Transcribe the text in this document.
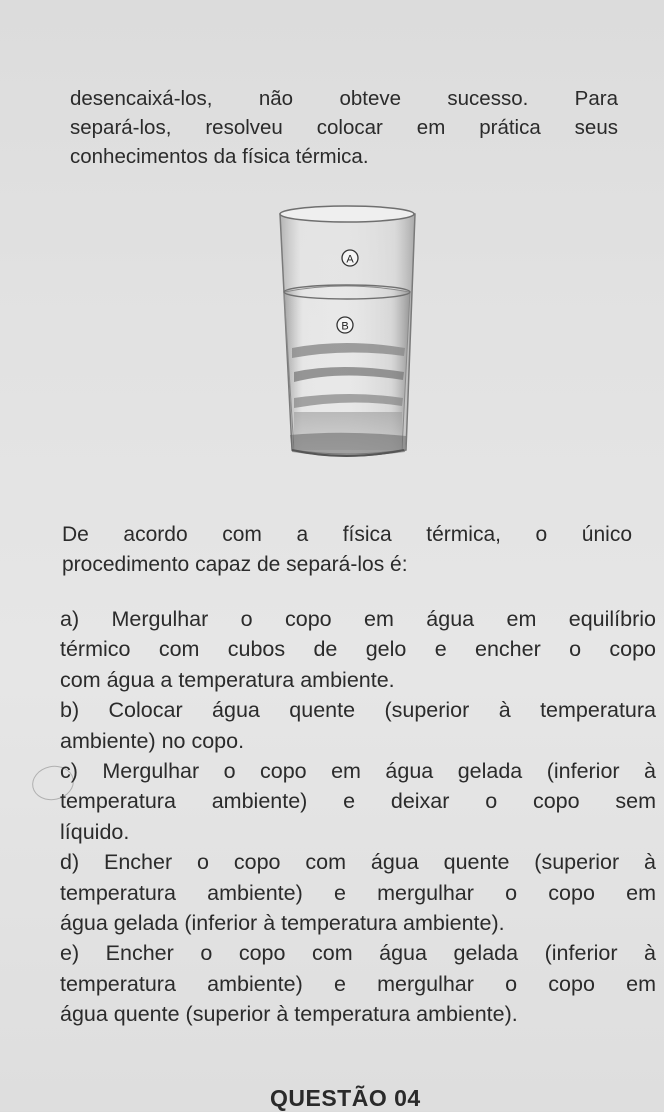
desencaixá-los, não obteve sucesso. Para
separá-los, resolveu colocar em prática seus
conhecimentos da física térmica.
A
B
De acordo com a física térmica, o único
procedimento capaz de separá-los é:
a) Mergulhar o copo em água em equilíbrio
térmico com cubos de gelo e encher o copo
com água a temperatura ambiente.
b) Colocar água quente (superior à temperatura
ambiente) no copo.
c) Mergulhar o copo em água gelada (inferior à
temperatura ambiente) e deixar o copo sem
líquido.
d) Encher o copo com água quente (superior à
temperatura ambiente) e mergulhar o copo em
água gelada (inferior à temperatura ambiente).
e) Encher o copo com água gelada (inferior à
temperatura ambiente) e mergulhar o copo em
água quente (superior à temperatura ambiente).
QUESTÃO 04
